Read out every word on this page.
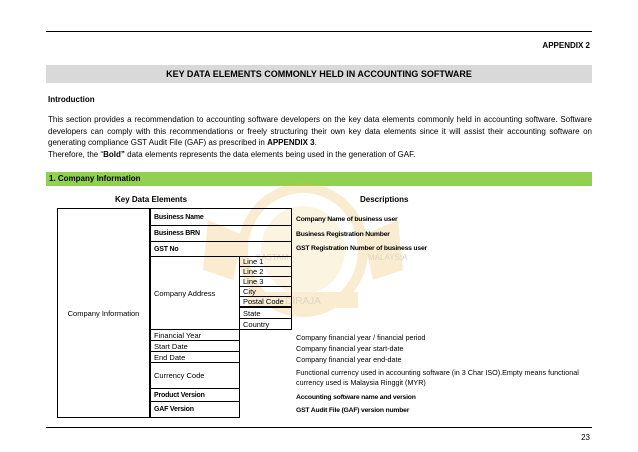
APPENDIX 2
KEY DATA ELEMENTS COMMONLY HELD IN ACCOUNTING SOFTWARE
Introduction

This section provides a recommendation to accounting software developers on the key data elements commonly held in accounting software. Software developers can comply with this recommendations or freely structuring their own key data elements since it will assist their accounting software on generating compliance GST Audit File (GAF) as prescribed in APPENDIX 3.

Therefore, the “Bold” data elements represents the data elements being used in the generation of GAF.

1. Company Information
DIRAJA
MALAYSIA
KASTAM
Key Data Elements	Descriptions
Company Information
Business Name
Business BRN
GST No
Company Address
Line 1
Line 2
Line 3
City
Postal Code
State
Country
Financial Year
Start Date
End Date
Currency Code
Product Version
GAF Version
Company Name of business user
Business Registration Number
GST Registration Number of business user
Company financial year / financial period
Company financial year start-date
Company financial year end-date
Functional currency used in accounting software (in 3 Char ISO).Empty means functional currency used is Malaysia Ringgit (MYR)
Accounting software name and version
GST Audit File (GAF) version number
23
